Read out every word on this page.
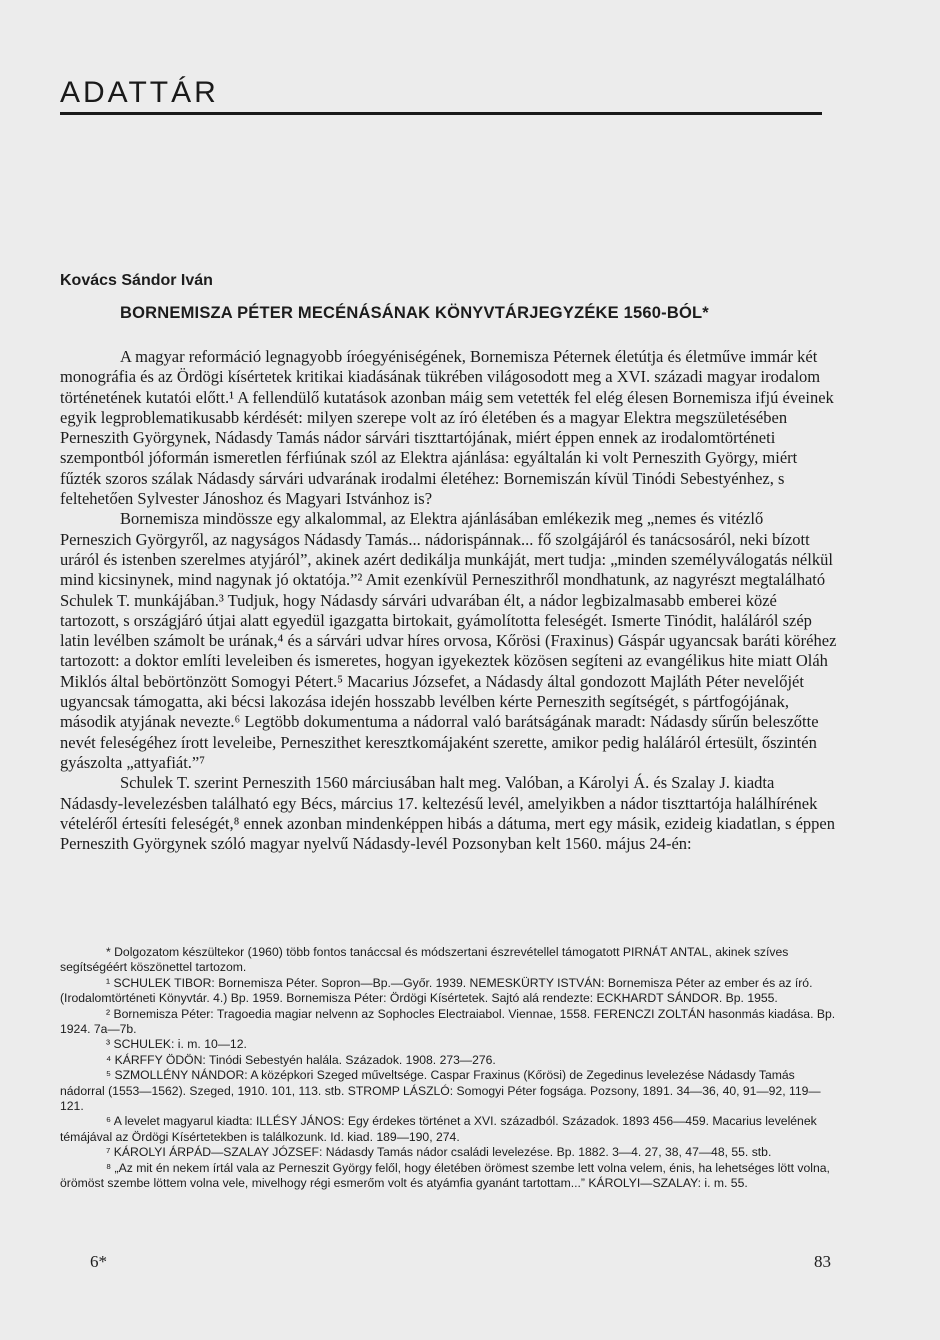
ADATTÁR
Kovács Sándor Iván
BORNEMISZA PÉTER MECÉNÁSÁNAK KÖNYVTÁRJEGYZÉKE 1560-BÓL*

A magyar reformáció legnagyobb íróegyéniségének, Bornemisza Péternek életútja és életműve immár két monográfia és az Ördögi kísértetek kritikai kiadásának tükrében világosodott meg a XVI. századi magyar irodalom történetének kutatói előtt.¹ A fellendülő kutatások azonban máig sem vetették fel elég élesen Bornemisza ifjú éveinek egyik legproblematikusabb kérdését: milyen szerepe volt az író életében és a magyar Elektra megszületésében Perneszith Györgynek, Nádasdy Tamás nádor sárvári tiszttartójának, miért éppen ennek az irodalomtörténeti szempontból jóformán ismeretlen férfiúnak szól az Elektra ajánlása: egyáltalán ki volt Perneszith György, miért fűzték szoros szálak Nádasdy sárvári udvarának irodalmi életéhez: Bornemiszán kívül Tinódi Sebestyénhez, s feltehetően Sylvester Jánoshoz és Magyari Istvánhoz is?

Bornemisza mindössze egy alkalommal, az Elektra ajánlásában emlékezik meg „nemes és vitézlő Perneszich Györgyről, az nagyságos Nádasdy Tamás... nádorispánnak... fő szolgájáról és tanácsosáról, neki bízott uráról és istenben szerelmes atyjáról”, akinek azért dedikálja munkáját, mert tudja: „minden személyválogatás nélkül mind kicsinynek, mind nagynak jó oktatója.”² Amit ezenkívül Perneszithről mondhatunk, az nagyrészt megtalálható Schulek T. munkájában.³ Tudjuk, hogy Nádasdy sárvári udvarában élt, a nádor legbizalmasabb emberei közé tartozott, s országjáró útjai alatt egyedül igazgatta birtokait, gyámolította feleségét. Ismerte Tinódit, haláláról szép latin levélben számolt be urának,⁴ és a sárvári udvar híres orvosa, Kőrösi (Fraxinus) Gáspár ugyancsak baráti köréhez tartozott: a doktor említi leveleiben és ismeretes, hogyan igyekeztek közösen segíteni az evangélikus hite miatt Oláh Miklós által bebörtönzött Somogyi Pétert.⁵ Macarius Józsefet, a Nádasdy által gondozott Majláth Péter nevelőjét ugyancsak támogatta, aki bécsi lakozása idején hosszabb levélben kérte Perneszith segítségét, s pártfogójának, második atyjának nevezte.⁶ Legtöbb dokumentuma a nádorral való barátságának maradt: Nádasdy sűrűn beleszőtte nevét feleségéhez írott leveleibe, Perneszithet keresztkomájaként szerette, amikor pedig haláláról értesült, őszintén gyászolta „attyafiát.”⁷

Schulek T. szerint Perneszith 1560 márciusában halt meg. Valóban, a Károlyi Á. és Szalay J. kiadta Nádasdy-levelezésben található egy Bécs, március 17. keltezésű levél, amelyikben a nádor tiszttartója halálhírének vételéről értesíti feleségét,⁸ ennek azonban mindenképpen hibás a dátuma, mert egy másik, ezideig kiadatlan, s éppen Perneszith Györgynek szóló magyar nyelvű Nádasdy-levél Pozsonyban kelt 1560. május 24-én:

* Dolgozatom készültekor (1960) több fontos tanáccsal és módszertani észrevétellel támogatott PIRNÁT ANTAL, akinek szíves segítségéért köszönettel tartozom.
¹ SCHULEK TIBOR: Bornemisza Péter. Sopron—Bp.—Győr. 1939. NEMESKÜRTY ISTVÁN: Bornemisza Péter az ember és az író. (Irodalomtörténeti Könyvtár. 4.) Bp. 1959. Bornemisza Péter: Ördögi Kísértetek. Sajtó alá rendezte: ECKHARDT SÁNDOR. Bp. 1955.
² Bornemisza Péter: Tragoedia magiar nelvenn az Sophocles Electraiabol. Viennae, 1558. FERENCZI ZOLTÁN hasonmás kiadása. Bp. 1924. 7a—7b.
³ SCHULEK: i. m. 10—12.
⁴ KÁRFFY ÖDÖN: Tinódi Sebestyén halála. Századok. 1908. 273—276.
⁵ SZMOLLÉNY NÁNDOR: A középkori Szeged műveltsége. Caspar Fraxinus (Kőrösi) de Zegedinus levelezése Nádasdy Tamás nádorral (1553—1562). Szeged, 1910. 101, 113. stb. STROMP LÁSZLÓ: Somogyi Péter fogsága. Pozsony, 1891. 34—36, 40, 91—92, 119—121.
⁶ A levelet magyarul kiadta: ILLÉSY JÁNOS: Egy érdekes történet a XVI. századból. Századok. 1893 456—459. Macarius levelének témájával az Ördögi Kísértetekben is találkozunk. Id. kiad. 189—190, 274.
⁷ KÁROLYI ÁRPÁD—SZALAY JÓZSEF: Nádasdy Tamás nádor családi levelezése. Bp. 1882. 3—4. 27, 38, 47—48, 55. stb.
⁸ „Az mit én nekem írtál vala az Perneszit György felől, hogy életében örömest szembe lett volna velem, énis, ha lehetséges lött volna, örömöst szembe löttem volna vele, mivelhogy régi esmerőm volt és atyámfia gyanánt tartottam...” KÁROLYI—SZALAY: i. m. 55.
6*	83
